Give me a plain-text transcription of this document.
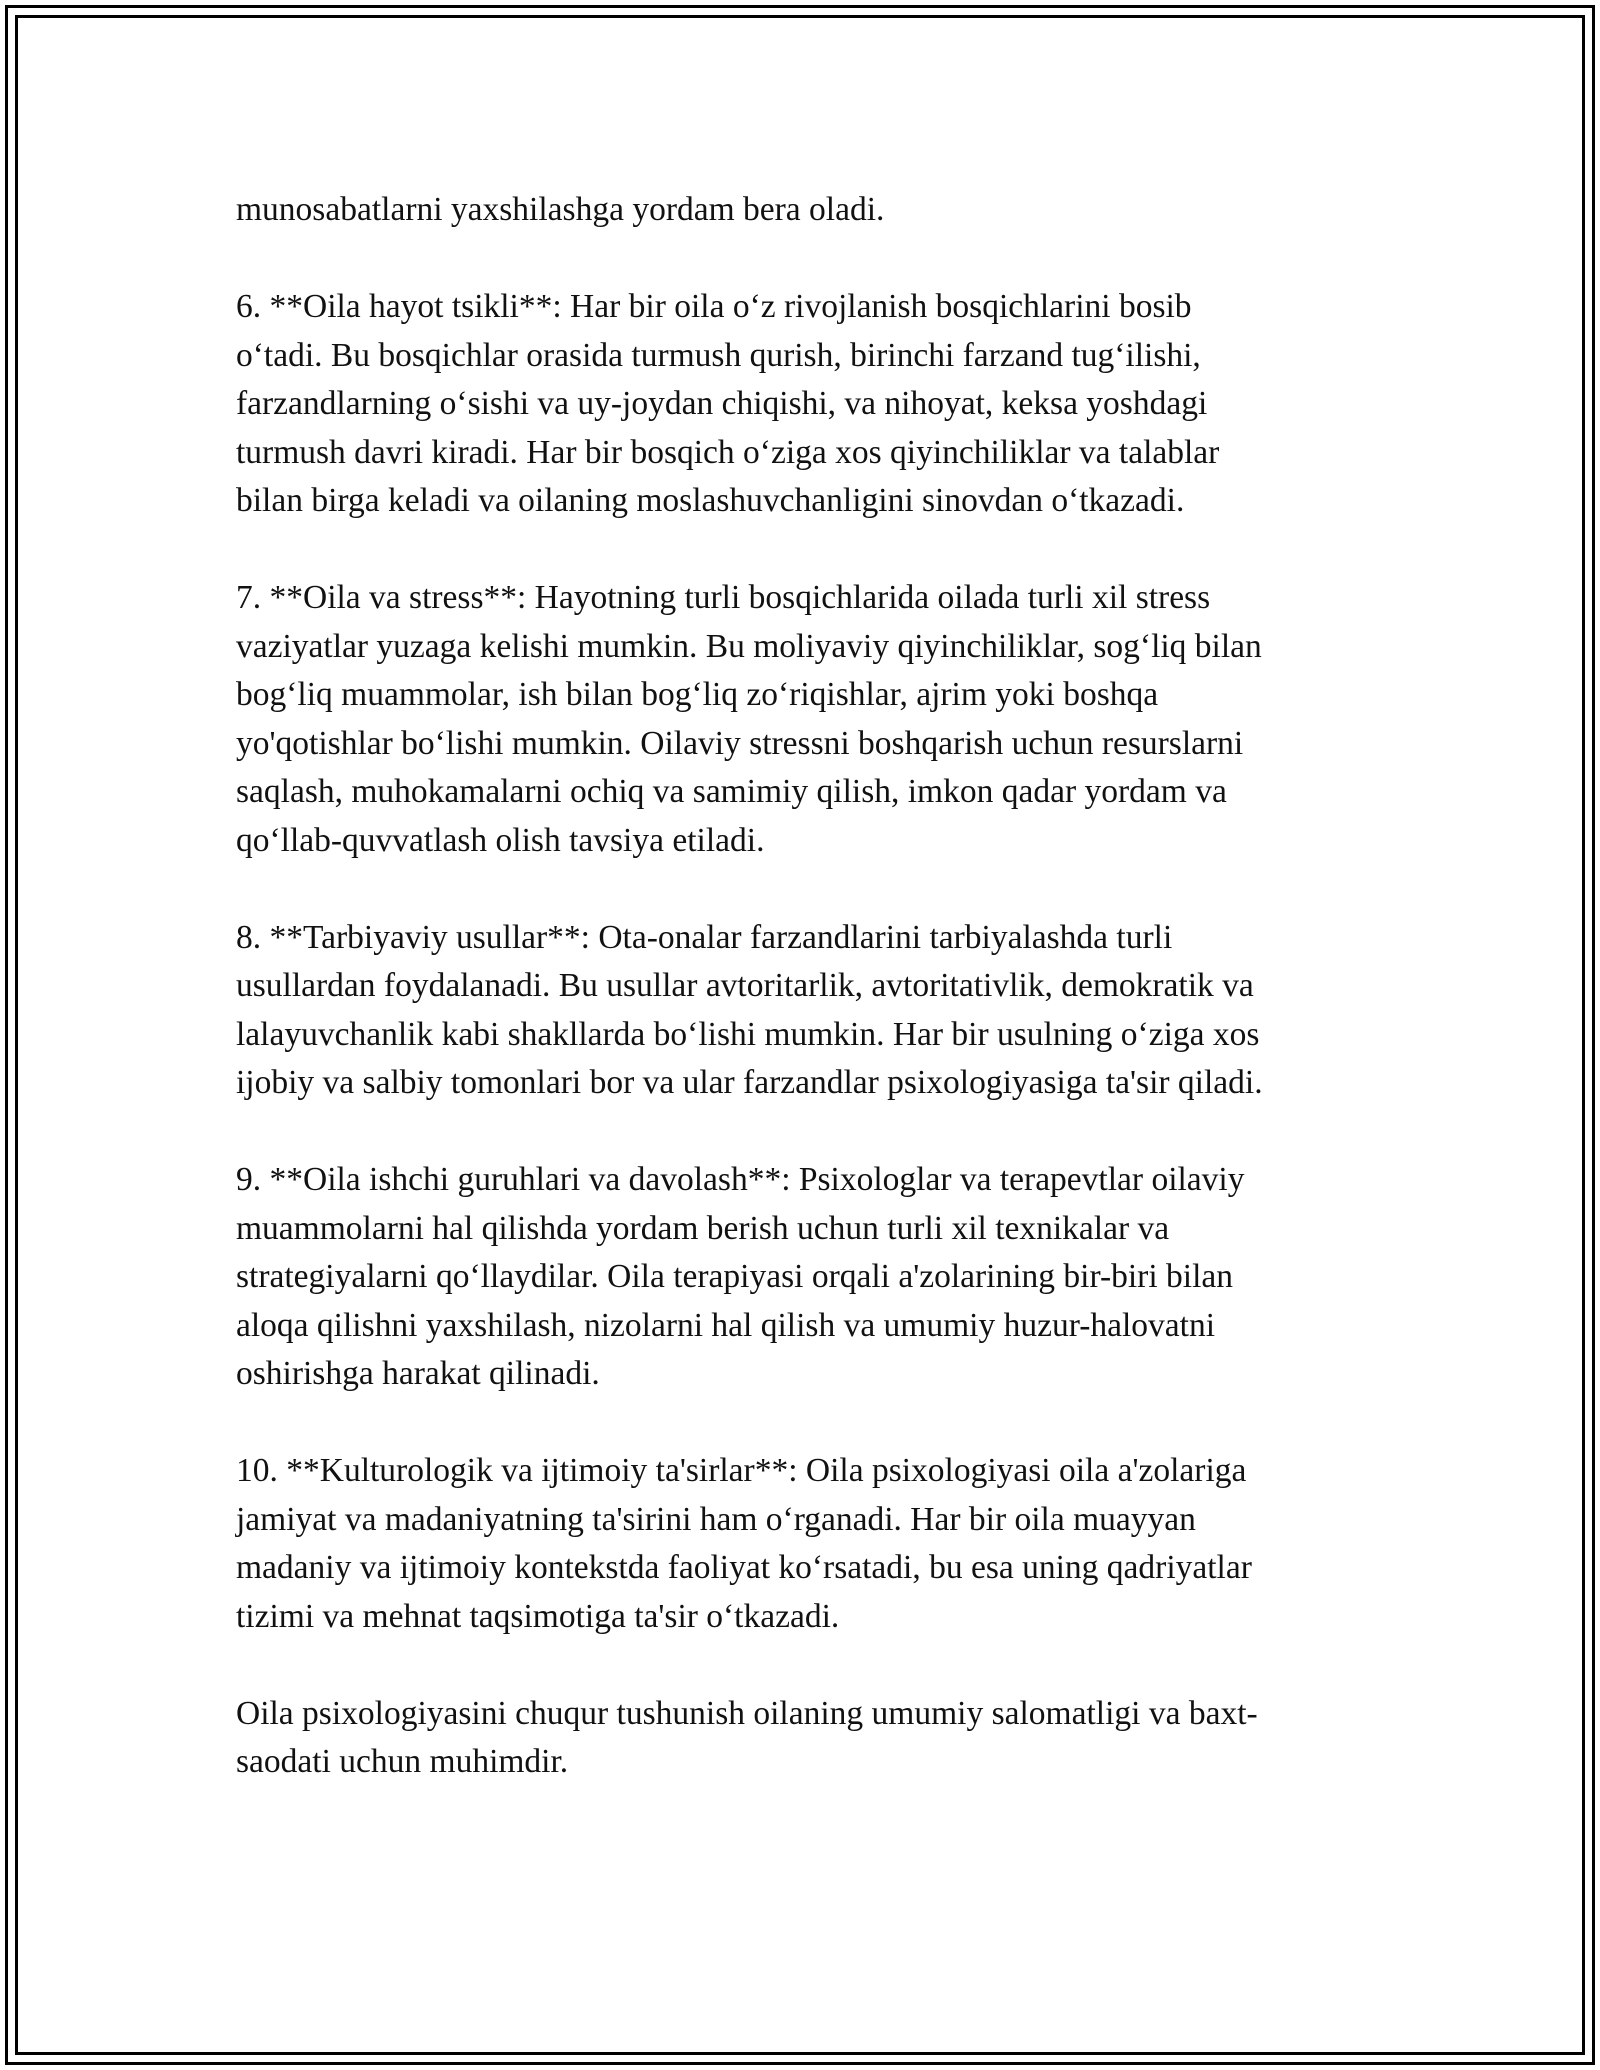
munosabatlarni yaxshilashga yordam bera oladi.

6. **Oila hayot tsikli**: Har bir oila o‘z rivojlanish bosqichlarini bosib
o‘tadi. Bu bosqichlar orasida turmush qurish, birinchi farzand tug‘ilishi,
farzandlarning o‘sishi va uy-joydan chiqishi, va nihoyat, keksa yoshdagi
turmush davri kiradi. Har bir bosqich o‘ziga xos qiyinchiliklar va talablar
bilan birga keladi va oilaning moslashuvchanligini sinovdan o‘tkazadi.

7. **Oila va stress**: Hayotning turli bosqichlarida oilada turli xil stress
vaziyatlar yuzaga kelishi mumkin. Bu moliyaviy qiyinchiliklar, sog‘liq bilan
bog‘liq muammolar, ish bilan bog‘liq zo‘riqishlar, ajrim yoki boshqa
yo'qotishlar bo‘lishi mumkin. Oilaviy stressni boshqarish uchun resurslarni
saqlash, muhokamalarni ochiq va samimiy qilish, imkon qadar yordam va
qo‘llab-quvvatlash olish tavsiya etiladi.

8. **Tarbiyaviy usullar**: Ota-onalar farzandlarini tarbiyalashda turli
usullardan foydalanadi. Bu usullar avtoritarlik, avtoritativlik, demokratik va
lalayuvchanlik kabi shakllarda bo‘lishi mumkin. Har bir usulning o‘ziga xos
ijobiy va salbiy tomonlari bor va ular farzandlar psixologiyasiga ta'sir qiladi.

9. **Oila ishchi guruhlari va davolash**: Psixologlar va terapevtlar oilaviy
muammolarni hal qilishda yordam berish uchun turli xil texnikalar va
strategiyalarni qo‘llaydilar. Oila terapiyasi orqali a'zolarining bir-biri bilan
aloqa qilishni yaxshilash, nizolarni hal qilish va umumiy huzur-halovatni
oshirishga harakat qilinadi.

10. **Kulturologik va ijtimoiy ta'sirlar**: Oila psixologiyasi oila a'zolariga
jamiyat va madaniyatning ta'sirini ham o‘rganadi. Har bir oila muayyan
madaniy va ijtimoiy kontekstda faoliyat ko‘rsatadi, bu esa uning qadriyatlar
tizimi va mehnat taqsimotiga ta'sir o‘tkazadi.

Oila psixologiyasini chuqur tushunish oilaning umumiy salomatligi va baxt-
saodati uchun muhimdir.
